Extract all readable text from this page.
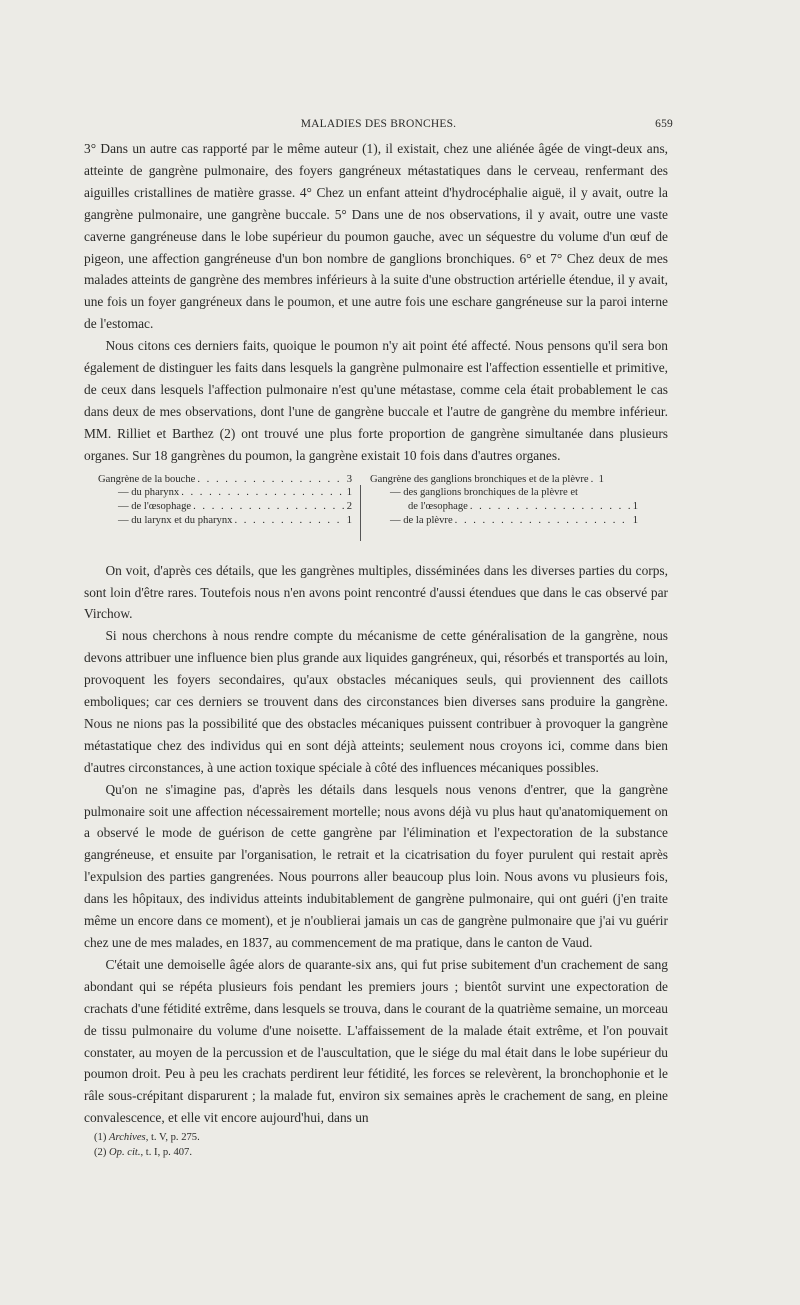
MALADIES DES BRONCHES.	659

3° Dans un autre cas rapporté par le même auteur (1), il existait, chez une aliénée âgée de vingt-deux ans, atteinte de gangrène pulmonaire, des foyers gangréneux métastatiques dans le cerveau, renfermant des aiguilles cristallines de matière grasse. 4° Chez un enfant atteint d'hydrocéphalie aiguë, il y avait, outre la gangrène pulmonaire, une gangrène buccale. 5° Dans une de nos observations, il y avait, outre une vaste caverne gangréneuse dans le lobe supérieur du poumon gauche, avec un séquestre du volume d'un œuf de pigeon, une affection gangréneuse d'un bon nombre de ganglions bronchiques. 6° et 7° Chez deux de mes malades atteints de gangrène des membres inférieurs à la suite d'une obstruction artérielle étendue, il y avait, une fois un foyer gangréneux dans le poumon, et une autre fois une eschare gangréneuse sur la paroi interne de l'estomac.

Nous citons ces derniers faits, quoique le poumon n'y ait point été affecté. Nous pensons qu'il sera bon également de distinguer les faits dans lesquels la gangrène pulmonaire est l'affection essentielle et primitive, de ceux dans lesquels l'affection pulmonaire n'est qu'une métastase, comme cela était probablement le cas dans deux de mes observations, dont l'une de gangrène buccale et l'autre de gangrène du membre inférieur. MM. Rilliet et Barthez (2) ont trouvé une plus forte proportion de gangrène simultanée dans plusieurs organes. Sur 18 gangrènes du poumon, la gangrène existait 10 fois dans d'autres organes.

Gangrène de la bouche . . .	3
— du pharynx . . .	1
— de l'œsophage . . .	2
— du larynx et du pharynx . . .	1
Gangrène des ganglions bronchiques et de la plèvre . . . 1
— des ganglions bronchiques de la plèvre et
de l'œsophage . . .	1
— de la plèvre . . .	1

On voit, d'après ces détails, que les gangrènes multiples, disséminées dans les diverses parties du corps, sont loin d'être rares. Toutefois nous n'en avons point rencontré d'aussi étendues que dans le cas observé par Virchow.

Si nous cherchons à nous rendre compte du mécanisme de cette généralisation de la gangrène, nous devons attribuer une influence bien plus grande aux liquides gangréneux, qui, résorbés et transportés au loin, provoquent les foyers secondaires, qu'aux obstacles mécaniques seuls, qui proviennent des caillots emboliques; car ces derniers se trouvent dans des circonstances bien diverses sans produire la gangrène. Nous ne nions pas la possibilité que des obstacles mécaniques puissent contribuer à provoquer la gangrène métastatique chez des individus qui en sont déjà atteints; seulement nous croyons ici, comme dans bien d'autres circonstances, à une action toxique spéciale à côté des influences mécaniques possibles.

Qu'on ne s'imagine pas, d'après les détails dans lesquels nous venons d'entrer, que la gangrène pulmonaire soit une affection nécessairement mortelle; nous avons déjà vu plus haut qu'anatomiquement on a observé le mode de guérison de cette gangrène par l'élimination et l'expectoration de la substance gangréneuse, et ensuite par l'organisation, le retrait et la cicatrisation du foyer purulent qui restait après l'expulsion des parties gangrenées. Nous pourrons aller beaucoup plus loin. Nous avons vu plusieurs fois, dans les hôpitaux, des individus atteints indubitablement de gangrène pulmonaire, qui ont guéri (j'en traite même un encore dans ce moment), et je n'oublierai jamais un cas de gangrène pulmonaire que j'ai vu guérir chez une de mes malades, en 1837, au commencement de ma pratique, dans le canton de Vaud.

C'était une demoiselle âgée alors de quarante-six ans, qui fut prise subitement d'un crachement de sang abondant qui se répéta plusieurs fois pendant les premiers jours ; bientôt survint une expectoration de crachats d'une fétidité extrême, dans lesquels se trouva, dans le courant de la quatrième semaine, un morceau de tissu pulmonaire du volume d'une noisette. L'affaissement de la malade était extrême, et l'on pouvait constater, au moyen de la percussion et de l'auscultation, que le siége du mal était dans le lobe supérieur du poumon droit. Peu à peu les crachats perdirent leur fétidité, les forces se relevèrent, la bronchophonie et le râle sous-crépitant disparurent ; la malade fut, environ six semaines après le crachement de sang, en pleine convalescence, et elle vit encore aujourd'hui, dans un

(1) Archives, t. V, p. 275.
(2) Op. cit., t. I, p. 407.
